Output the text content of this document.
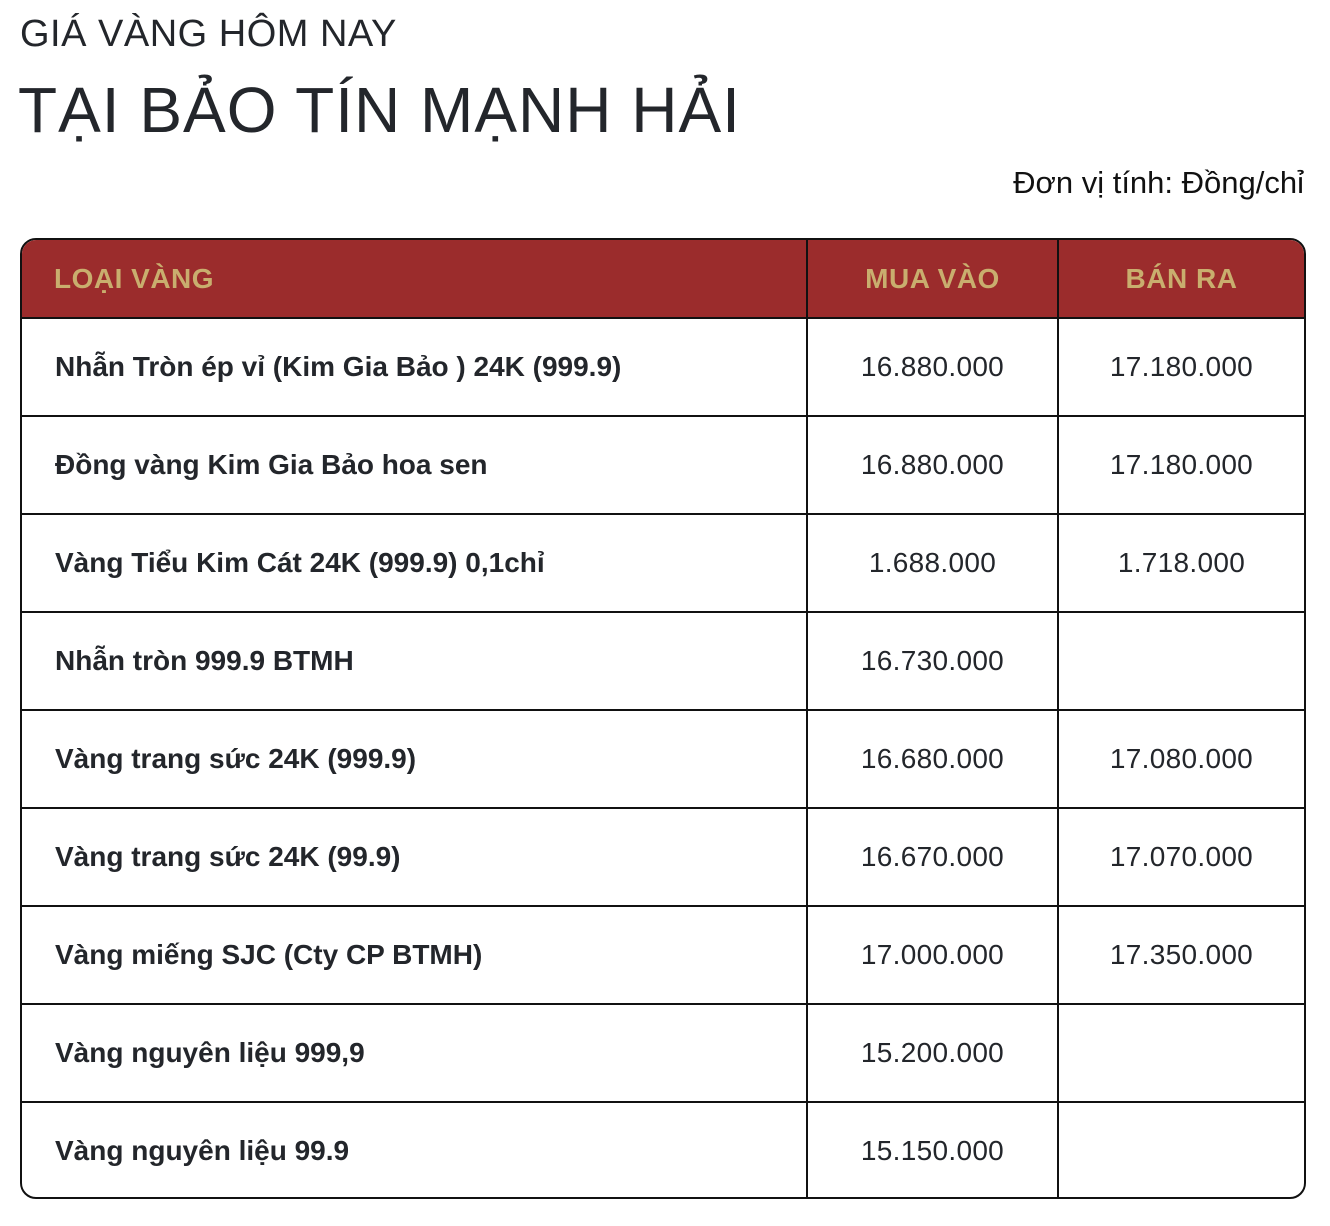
GIÁ VÀNG HÔM NAY
TẠI BẢO TÍN MẠNH HẢI
Đơn vị tính: Đồng/chỉ
LOẠI VÀNG	MUA VÀO	BÁN RA
Nhẫn Tròn ép vỉ (Kim Gia Bảo ) 24K (999.9)	16.880.000	17.180.000
Đồng vàng Kim Gia Bảo hoa sen	16.880.000	17.180.000
Vàng Tiểu Kim Cát 24K (999.9) 0,1chỉ	1.688.000	1.718.000
Nhẫn tròn 999.9 BTMH	16.730.000	
Vàng trang sức 24K (999.9)	16.680.000	17.080.000
Vàng trang sức 24K (99.9)	16.670.000	17.070.000
Vàng miếng SJC (Cty CP BTMH)	17.000.000	17.350.000
Vàng nguyên liệu 999,9	15.200.000	
Vàng nguyên liệu 99.9	15.150.000	
